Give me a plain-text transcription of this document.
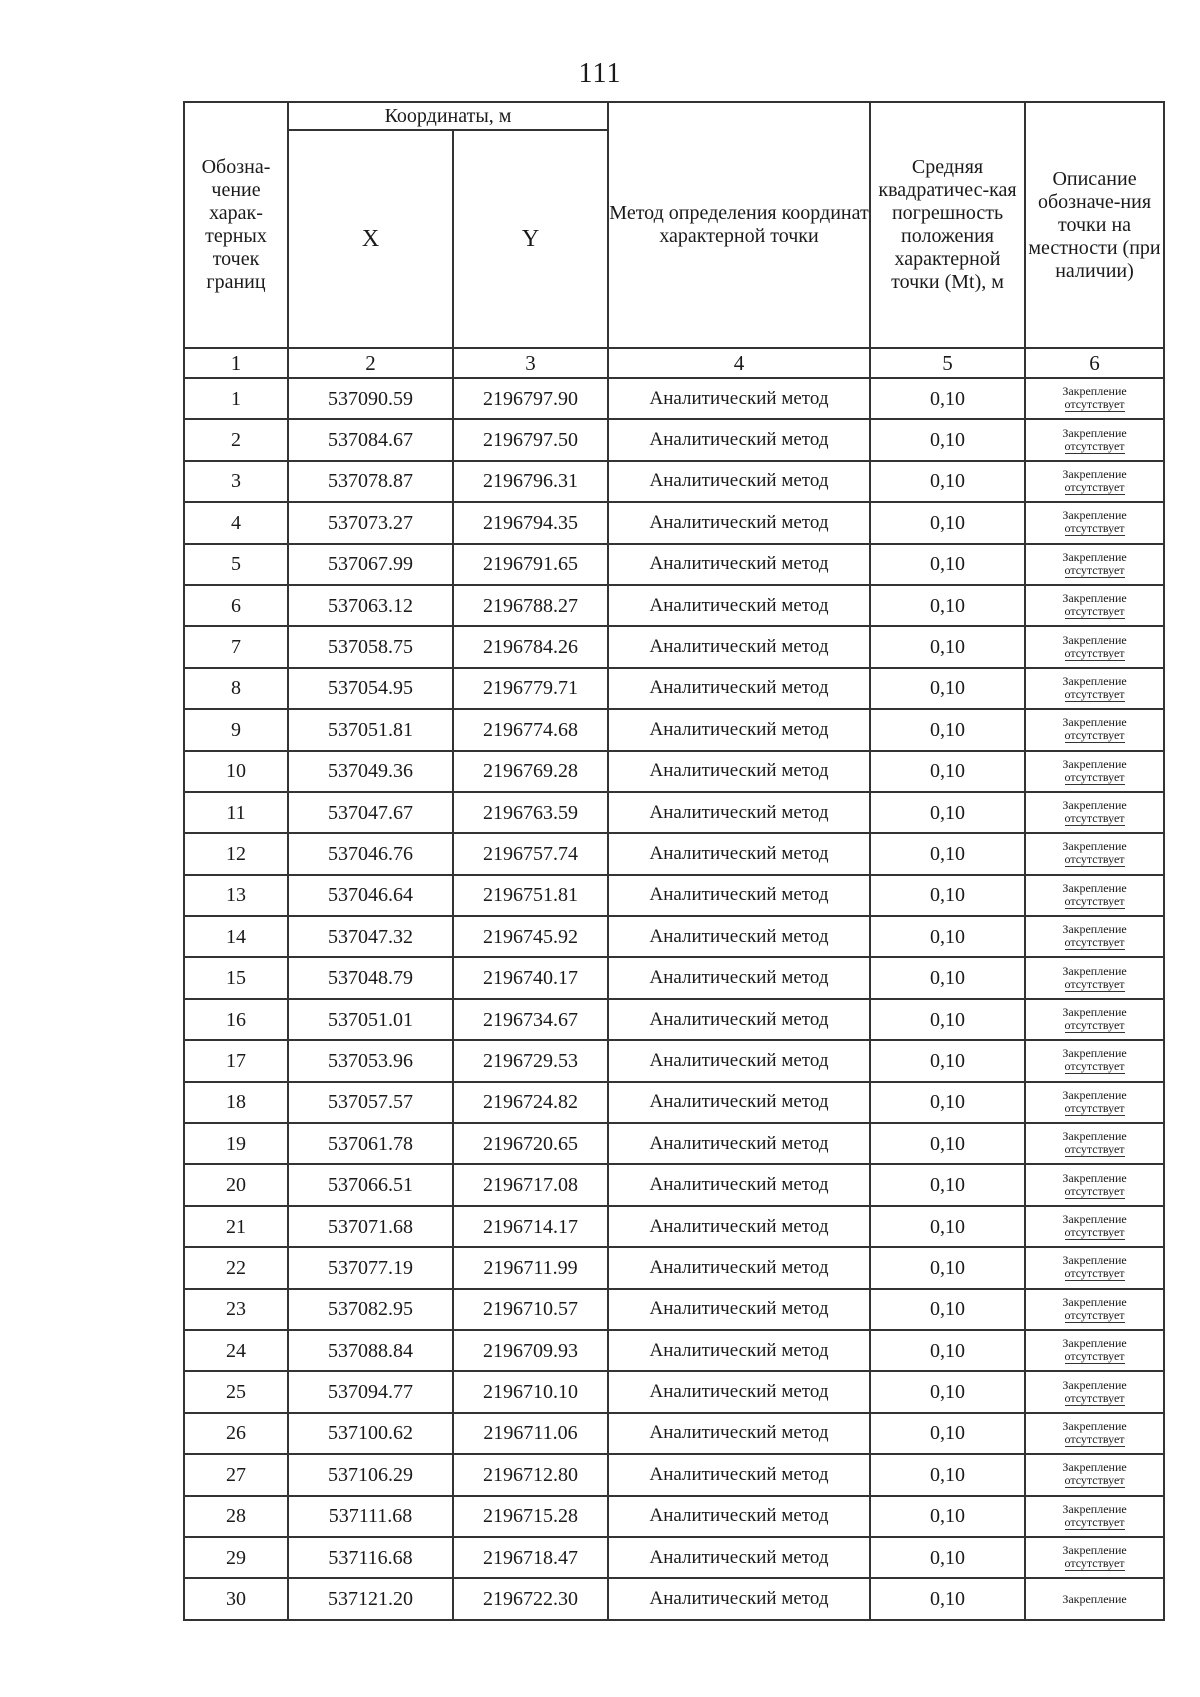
111
Обозна-чение харак-терных точек границ	Координаты, м		Метод определения координат характерной точки	Средняя квадратичес-кая погрешность положения характерной точки (Mt), м	Описание обозначе-ния точки на местности (при наличии)
	X	Y			
1	2	3	4	5	6
1	537090.59	2196797.90	Аналитический метод	0,10	Закрепление
отсутствует

2	537084.67	2196797.50	Аналитический метод	0,10	Закрепление
отсутствует

3	537078.87	2196796.31	Аналитический метод	0,10	Закрепление
отсутствует

4	537073.27	2196794.35	Аналитический метод	0,10	Закрепление
отсутствует

5	537067.99	2196791.65	Аналитический метод	0,10	Закрепление
отсутствует

6	537063.12	2196788.27	Аналитический метод	0,10	Закрепление
отсутствует

7	537058.75	2196784.26	Аналитический метод	0,10	Закрепление
отсутствует

8	537054.95	2196779.71	Аналитический метод	0,10	Закрепление
отсутствует

9	537051.81	2196774.68	Аналитический метод	0,10	Закрепление
отсутствует

10	537049.36	2196769.28	Аналитический метод	0,10	Закрепление
отсутствует

11	537047.67	2196763.59	Аналитический метод	0,10	Закрепление
отсутствует

12	537046.76	2196757.74	Аналитический метод	0,10	Закрепление
отсутствует

13	537046.64	2196751.81	Аналитический метод	0,10	Закрепление
отсутствует

14	537047.32	2196745.92	Аналитический метод	0,10	Закрепление
отсутствует

15	537048.79	2196740.17	Аналитический метод	0,10	Закрепление
отсутствует

16	537051.01	2196734.67	Аналитический метод	0,10	Закрепление
отсутствует

17	537053.96	2196729.53	Аналитический метод	0,10	Закрепление
отсутствует

18	537057.57	2196724.82	Аналитический метод	0,10	Закрепление
отсутствует

19	537061.78	2196720.65	Аналитический метод	0,10	Закрепление
отсутствует

20	537066.51	2196717.08	Аналитический метод	0,10	Закрепление
отсутствует

21	537071.68	2196714.17	Аналитический метод	0,10	Закрепление
отсутствует

22	537077.19	2196711.99	Аналитический метод	0,10	Закрепление
отсутствует

23	537082.95	2196710.57	Аналитический метод	0,10	Закрепление
отсутствует

24	537088.84	2196709.93	Аналитический метод	0,10	Закрепление
отсутствует

25	537094.77	2196710.10	Аналитический метод	0,10	Закрепление
отсутствует

26	537100.62	2196711.06	Аналитический метод	0,10	Закрепление
отсутствует

27	537106.29	2196712.80	Аналитический метод	0,10	Закрепление
отсутствует

28	537111.68	2196715.28	Аналитический метод	0,10	Закрепление
отсутствует

29	537116.68	2196718.47	Аналитический метод	0,10	Закрепление
отсутствует

30	537121.20	2196722.30	Аналитический метод	0,10	Закрепление
